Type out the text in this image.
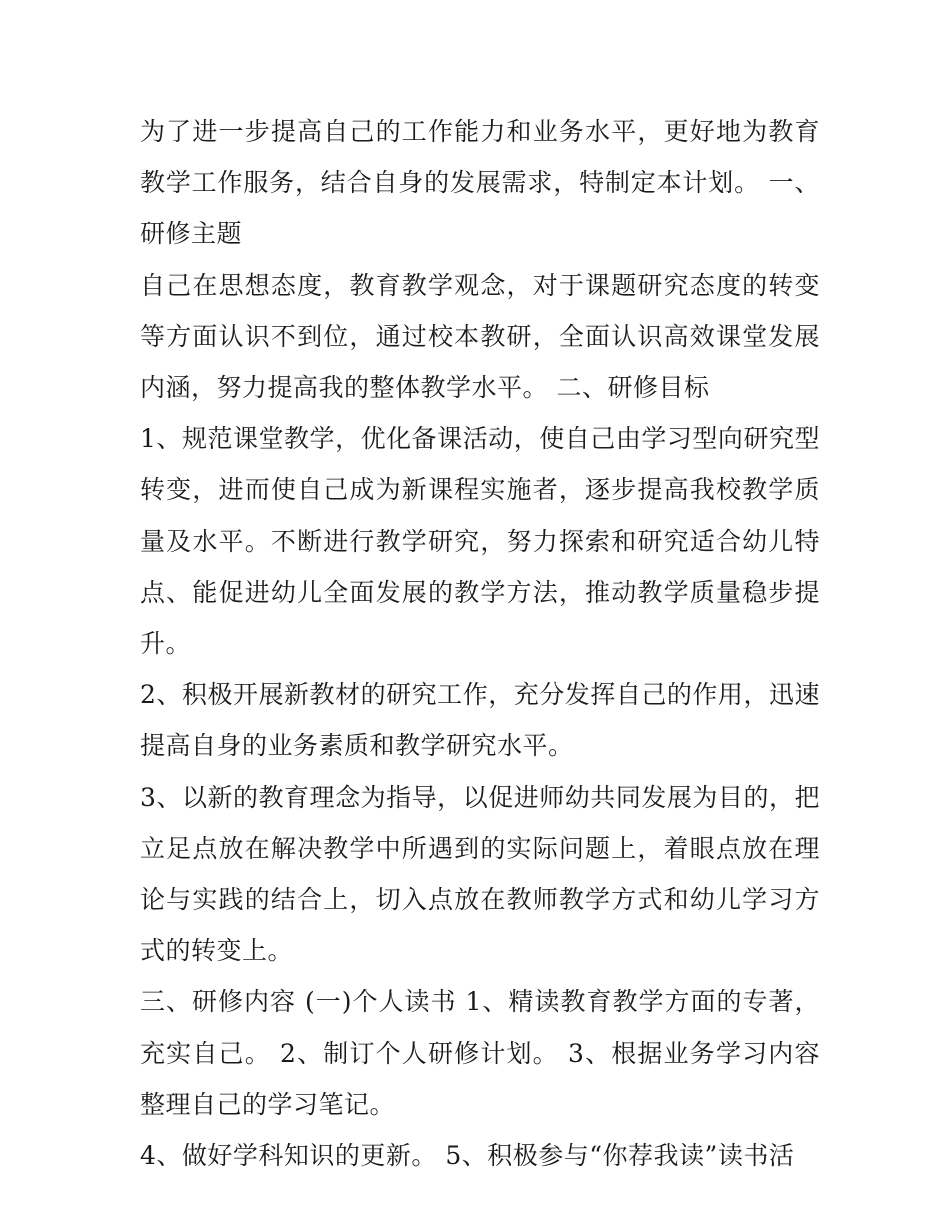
为了进一步提高自己的工作能力和业务水平，更好地为教育教学工作服务，结合自身的发展需求，特制定本计划。 一、研修主题

自己在思想态度，教育教学观念，对于课题研究态度的转变等方面认识不到位，通过校本教研，全面认识高效课堂发展内涵，努力提高我的整体教学水平。 二、研修目标

1、规范课堂教学，优化备课活动，使自己由学习型向研究型转变，进而使自己成为新课程实施者，逐步提高我校教学质量及水平。不断进行教学研究，努力探索和研究适合幼儿特点、能促进幼儿全面发展的教学方法，推动教学质量稳步提升。

2、积极开展新教材的研究工作，充分发挥自己的作用，迅速提高自身的业务素质和教学研究水平。

3、以新的教育理念为指导，以促进师幼共同发展为目的，把立足点放在解决教学中所遇到的实际问题上，着眼点放在理论与实践的结合上，切入点放在教师教学方式和幼儿学习方式的转变上。

三、研修内容 (一)个人读书 1、精读教育教学方面的专著，充实自己。 2、制订个人研修计划。 3、根据业务学习内容整理自己的学习笔记。

4、做好学科知识的更新。 5、积极参与“你荐我读”读书活
